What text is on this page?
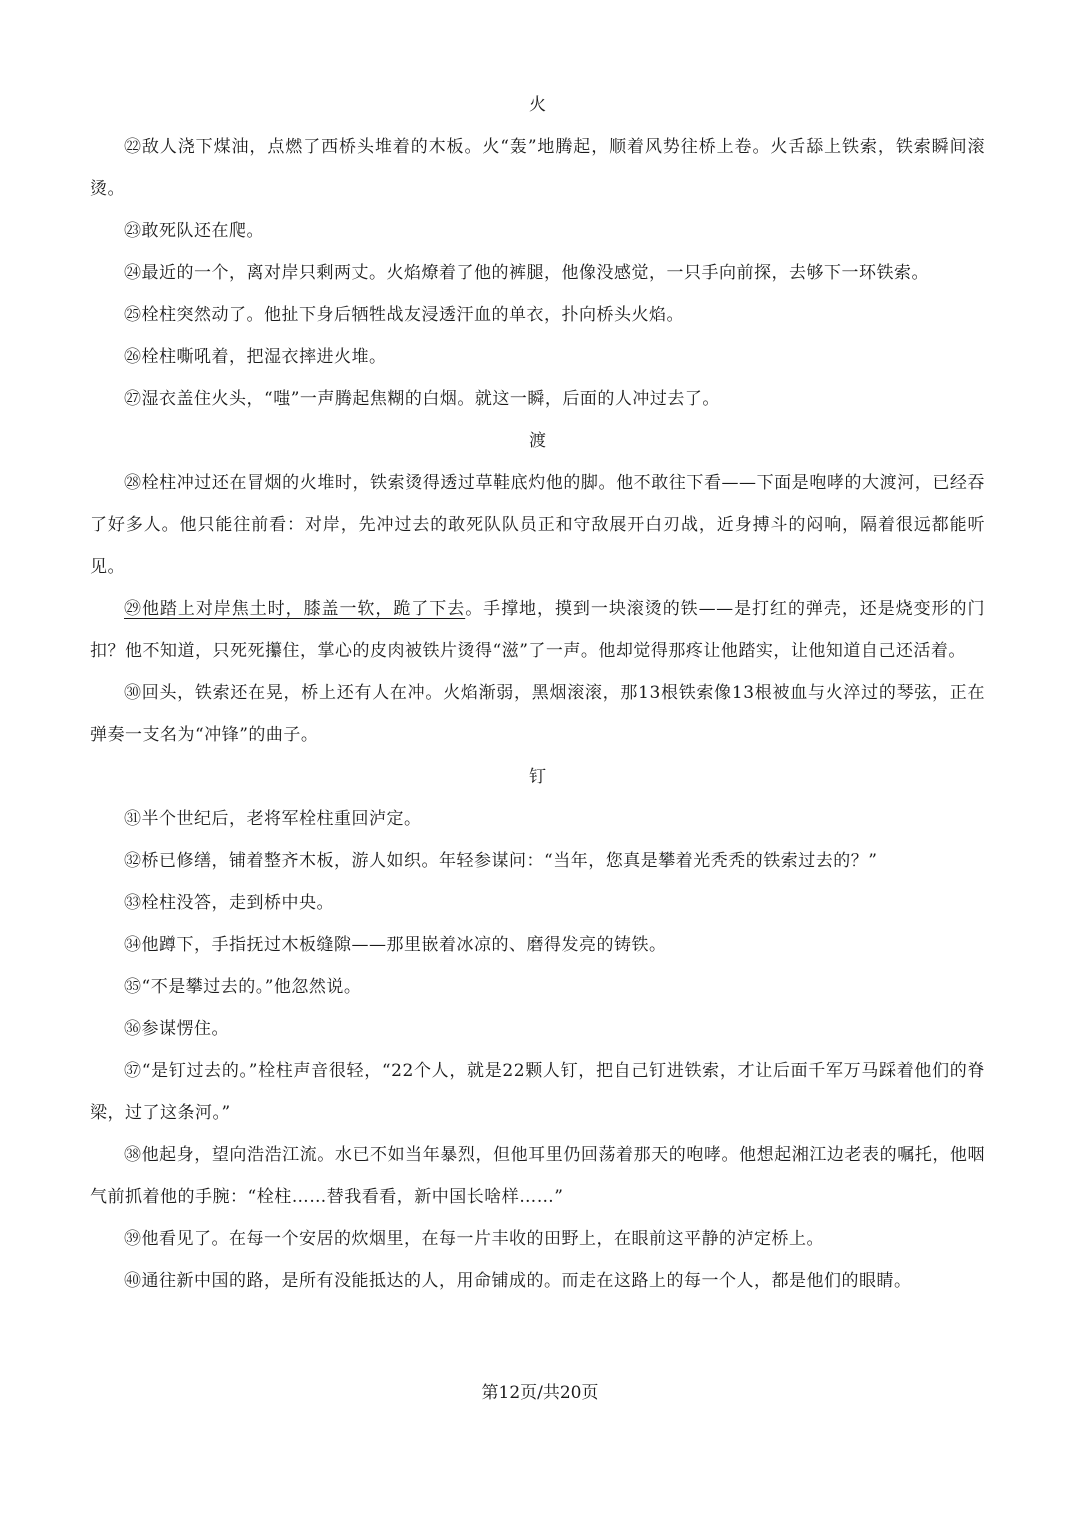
火

㉒敌人浇下煤油，点燃了西桥头堆着的木板。火“轰”地腾起，顺着风势往桥上卷。火舌舔上铁索，铁索瞬间滚烫。

㉓敢死队还在爬。

㉔最近的一个，离对岸只剩两丈。火焰燎着了他的裤腿，他像没感觉，一只手向前探，去够下一环铁索。

㉕栓柱突然动了。他扯下身后牺牲战友浸透汗血的单衣，扑向桥头火焰。

㉖栓柱嘶吼着，把湿衣摔进火堆。

㉗湿衣盖住火头，“嗤”一声腾起焦糊的白烟。就这一瞬，后面的人冲过去了。

渡

㉘栓柱冲过还在冒烟的火堆时，铁索烫得透过草鞋底灼他的脚。他不敢往下看——下面是咆哮的大渡河，已经吞了好多人。他只能往前看：对岸，先冲过去的敢死队队员正和守敌展开白刃战，近身搏斗的闷响，隔着很远都能听见。

㉙他踏上对岸焦土时，膝盖一软，跪了下去。手撑地，摸到一块滚烫的铁——是打红的弹壳，还是烧变形的门扣？他不知道，只死死攥住，掌心的皮肉被铁片烫得“滋”了一声。他却觉得那疼让他踏实，让他知道自己还活着。

㉚回头，铁索还在晃，桥上还有人在冲。火焰渐弱，黑烟滚滚，那13根铁索像13根被血与火淬过的琴弦，正在弹奏一支名为“冲锋”的曲子。

钉

㉛半个世纪后，老将军栓柱重回泸定。

㉜桥已修缮，铺着整齐木板，游人如织。年轻参谋问：“当年，您真是攀着光秃秃的铁索过去的？”

㉝栓柱没答，走到桥中央。

㉞他蹲下，手指抚过木板缝隙——那里嵌着冰凉的、磨得发亮的铸铁。

㉟“不是攀过去的。”他忽然说。

㊱参谋愣住。

㊲“是钉过去的。”栓柱声音很轻，“22个人，就是22颗人钉，把自己钉进铁索，才让后面千军万马踩着他们的脊梁，过了这条河。”

㊳他起身，望向浩浩江流。水已不如当年暴烈，但他耳里仍回荡着那天的咆哮。他想起湘江边老表的嘱托，他咽气前抓着他的手腕：“栓柱……替我看看，新中国长啥样……”

㊴他看见了。在每一个安居的炊烟里，在每一片丰收的田野上，在眼前这平静的泸定桥上。

㊵通往新中国的路，是所有没能抵达的人，用命铺成的。而走在这路上的每一个人，都是他们的眼睛。

第12页/共20页
